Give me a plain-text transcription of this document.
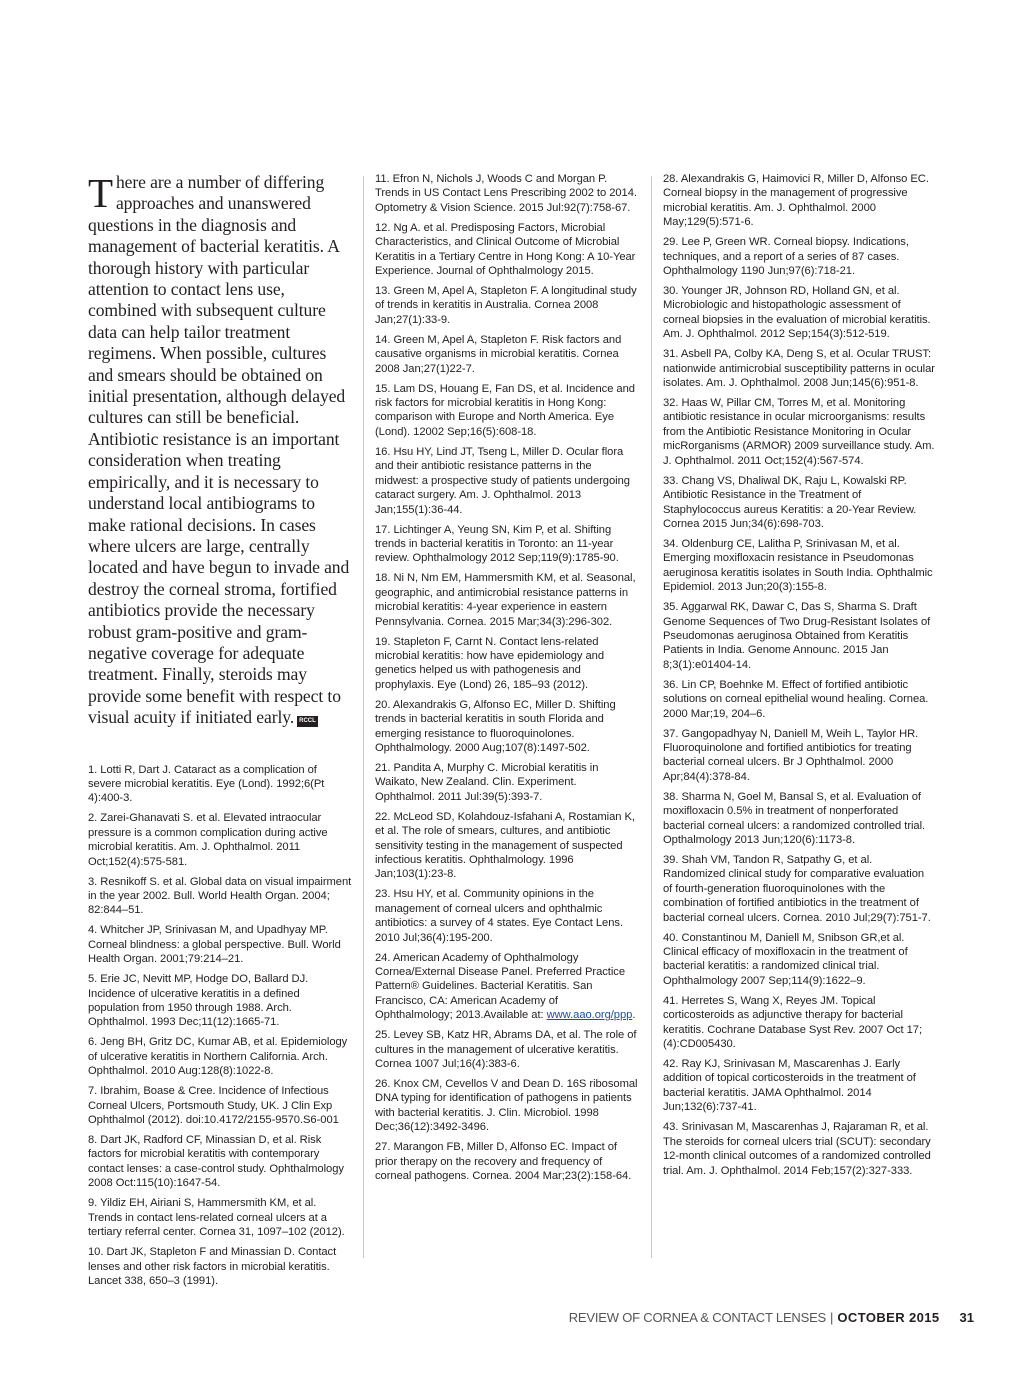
There are a number of differing approaches and unanswered questions in the diagnosis and management of bacterial keratitis. A thorough history with particular attention to contact lens use, combined with subsequent culture data can help tailor treatment regimens. When possible, cultures and smears should be obtained on initial presentation, although delayed cultures can still be beneficial. Antibiotic resistance is an important consideration when treating empirically, and it is necessary to understand local antibiograms to make rational decisions. In cases where ulcers are large, centrally located and have begun to invade and destroy the corneal stroma, fortified antibiotics provide the necessary robust gram-positive and gram-negative coverage for adequate treatment. Finally, steroids may provide some benefit with respect to visual acuity if initiated early. RCCL

1. Lotti R, Dart J. Cataract as a complication of severe microbial keratitis. Eye (Lond). 1992;6(Pt 4):400-3.
2. Zarei-Ghanavati S. et al. Elevated intraocular pressure is a common complication during active microbial keratitis. Am. J. Ophthalmol. 2011 Oct;152(4):575-581.
3. Resnikoff S. et al. Global data on visual impairment in the year 2002. Bull. World Health Organ. 2004; 82:844–51.
4. Whitcher JP, Srinivasan M, and Upadhyay MP. Corneal blindness: a global perspective. Bull. World Health Organ. 2001;79:214–21.
5. Erie JC, Nevitt MP, Hodge DO, Ballard DJ. Incidence of ulcerative keratitis in a defined population from 1950 through 1988. Arch. Ophthalmol. 1993 Dec;11(12):1665-71.
6. Jeng BH, Gritz DC, Kumar AB, et al. Epidemiology of ulcerative keratitis in Northern California. Arch. Ophthalmol. 2010 Aug:128(8):1022-8.
7. Ibrahim, Boase & Cree. Incidence of Infectious Corneal Ulcers, Portsmouth Study, UK. J Clin Exp Ophthalmol (2012). doi:10.4172/2155-9570.S6-001
8. Dart JK, Radford CF, Minassian D, et al. Risk factors for microbial keratitis with contemporary contact lenses: a case-control study. Ophthalmology 2008 Oct:115(10):1647-54.
9. Yildiz EH, Airiani S, Hammersmith KM, et al. Trends in contact lens-related corneal ulcers at a tertiary referral center. Cornea 31, 1097–102 (2012).
10. Dart JK, Stapleton F and Minassian D. Contact lenses and other risk factors in microbial keratitis. Lancet 338, 650–3 (1991).
11. Efron N, Nichols J, Woods C and Morgan P. Trends in US Contact Lens Prescribing 2002 to 2014. Optometry & Vision Science. 2015 Jul:92(7):758-67.
12. Ng A. et al. Predisposing Factors, Microbial Characteristics, and Clinical Outcome of Microbial Keratitis in a Tertiary Centre in Hong Kong: A 10-Year Experience. Journal of Ophthalmology 2015.
13. Green M, Apel A, Stapleton F. A longitudinal study of trends in keratitis in Australia. Cornea 2008 Jan;27(1):33-9.
14. Green M, Apel A, Stapleton F. Risk factors and causative organisms in microbial keratitis. Cornea 2008 Jan;27(1)22-7.
15. Lam DS, Houang E, Fan DS, et al. Incidence and risk factors for microbial keratitis in Hong Kong: comparison with Europe and North America. Eye (Lond). 12002 Sep;16(5):608-18.
16. Hsu HY, Lind JT, Tseng L, Miller D. Ocular flora and their antibiotic resistance patterns in the midwest: a prospective study of patients undergoing cataract surgery. Am. J. Ophthalmol. 2013 Jan;155(1):36-44.
17. Lichtinger A, Yeung SN, Kim P, et al. Shifting trends in bacterial keratitis in Toronto: an 11-year review. Ophthalmology 2012 Sep;119(9):1785-90.
18. Ni N, Nm EM, Hammersmith KM, et al. Seasonal, geographic, and antimicrobial resistance patterns in microbial keratitis: 4-year experience in eastern Pennsylvania. Cornea. 2015 Mar;34(3):296-302.
19. Stapleton F, Carnt N. Contact lens-related microbial keratitis: how have epidemiology and genetics helped us with pathogenesis and prophylaxis. Eye (Lond) 26, 185–93 (2012).
20. Alexandrakis G, Alfonso EC, Miller D. Shifting trends in bacterial keratitis in south Florida and emerging resistance to fluoroquinolones. Ophthalmology. 2000 Aug;107(8):1497-502.
21. Pandita A, Murphy C. Microbial keratitis in Waikato, New Zealand. Clin. Experiment. Ophthalmol. 2011 Jul:39(5):393-7.
22. McLeod SD, Kolahdouz-Isfahani A, Rostamian K, et al. The role of smears, cultures, and antibiotic sensitivity testing in the management of suspected infectious keratitis. Ophthalmology. 1996 Jan;103(1):23-8.
23. Hsu HY, et al. Community opinions in the management of corneal ulcers and ophthalmic antibiotics: a survey of 4 states. Eye Contact Lens. 2010 Jul;36(4):195-200.
24. American Academy of Ophthalmology Cornea/External Disease Panel. Preferred Practice Pattern® Guidelines. Bacterial Keratitis. San Francisco, CA: American Academy of Ophthalmology; 2013.Available at: www.aao.org/ppp.
25. Levey SB, Katz HR, Abrams DA, et al. The role of cultures in the management of ulcerative keratitis. Cornea 1007 Jul;16(4):383-6.
26. Knox CM, Cevellos V and Dean D. 16S ribosomal DNA typing for identification of pathogens in patients with bacterial keratitis. J. Clin. Microbiol. 1998 Dec;36(12):3492-3496.
27. Marangon FB, Miller D, Alfonso EC. Impact of prior therapy on the recovery and frequency of corneal pathogens. Cornea. 2004 Mar;23(2):158-64.
28. Alexandrakis G, Haimovici R, Miller D, Alfonso EC. Corneal biopsy in the management of progressive microbial keratitis. Am. J. Ophthalmol. 2000 May;129(5):571-6.
29. Lee P, Green WR. Corneal biopsy. Indications, techniques, and a report of a series of 87 cases. Ophthalmology 1190 Jun;97(6):718-21.
30. Younger JR, Johnson RD, Holland GN, et al. Microbiologic and histopathologic assessment of corneal biopsies in the evaluation of microbial keratitis. Am. J. Ophthalmol. 2012 Sep;154(3):512-519.
31. Asbell PA, Colby KA, Deng S, et al. Ocular TRUST: nationwide antimicrobial susceptibility patterns in ocular isolates. Am. J. Ophthalmol. 2008 Jun;145(6):951-8.
32. Haas W, Pillar CM, Torres M, et al. Monitoring antibiotic resistance in ocular microorganisms: results from the Antibiotic Resistance Monitoring in Ocular micRorganisms (ARMOR) 2009 surveillance study. Am. J. Ophthalmol. 2011 Oct;152(4):567-574.
33. Chang VS, Dhaliwal DK, Raju L, Kowalski RP. Antibiotic Resistance in the Treatment of Staphylococcus aureus Keratitis: a 20-Year Review. Cornea 2015 Jun;34(6):698-703.
34. Oldenburg CE, Lalitha P, Srinivasan M, et al. Emerging moxifloxacin resistance in Pseudomonas aeruginosa keratitis isolates in South India. Ophthalmic Epidemiol. 2013 Jun;20(3):155-8.
35. Aggarwal RK, Dawar C, Das S, Sharma S. Draft Genome Sequences of Two Drug-Resistant Isolates of Pseudomonas aeruginosa Obtained from Keratitis Patients in India. Genome Announc. 2015 Jan 8;3(1):e01404-14.
36. Lin CP, Boehnke M. Effect of fortified antibiotic solutions on corneal epithelial wound healing. Cornea. 2000 Mar;19, 204–6.
37. Gangopadhyay N, Daniell M, Weih L, Taylor HR. Fluoroquinolone and fortified antibiotics for treating bacterial corneal ulcers. Br J Ophthalmol. 2000 Apr;84(4):378-84.
38. Sharma N, Goel M, Bansal S, et al. Evaluation of moxifloxacin 0.5% in treatment of nonperforated bacterial corneal ulcers: a randomized controlled trial. Opthalmology 2013 Jun;120(6):1173-8.
39. Shah VM, Tandon R, Satpathy G, et al. Randomized clinical study for comparative evaluation of fourth-generation fluoroquinolones with the combination of fortified antibiotics in the treatment of bacterial corneal ulcers. Cornea. 2010 Jul;29(7):751-7.
40. Constantinou M, Daniell M, Snibson GR,et al. Clinical efficacy of moxifloxacin in the treatment of bacterial keratitis: a randomized clinical trial. Ophthalmology 2007 Sep;114(9):1622–9.
41. Herretes S, Wang X, Reyes JM. Topical corticosteroids as adjunctive therapy for bacterial keratitis. Cochrane Database Syst Rev. 2007 Oct 17;(4):CD005430.
42. Ray KJ, Srinivasan M, Mascarenhas J. Early addition of topical corticosteroids in the treatment of bacterial keratitis. JAMA Ophthalmol. 2014 Jun;132(6):737-41.
43. Srinivasan M, Mascarenhas J, Rajaraman R, et al. The steroids for corneal ulcers trial (SCUT): secondary 12-month clinical outcomes of a randomized controlled trial. Am. J. Ophthalmol. 2014 Feb;157(2):327-333.
REVIEW OF CORNEA & CONTACT LENSES | OCTOBER 2015 31
